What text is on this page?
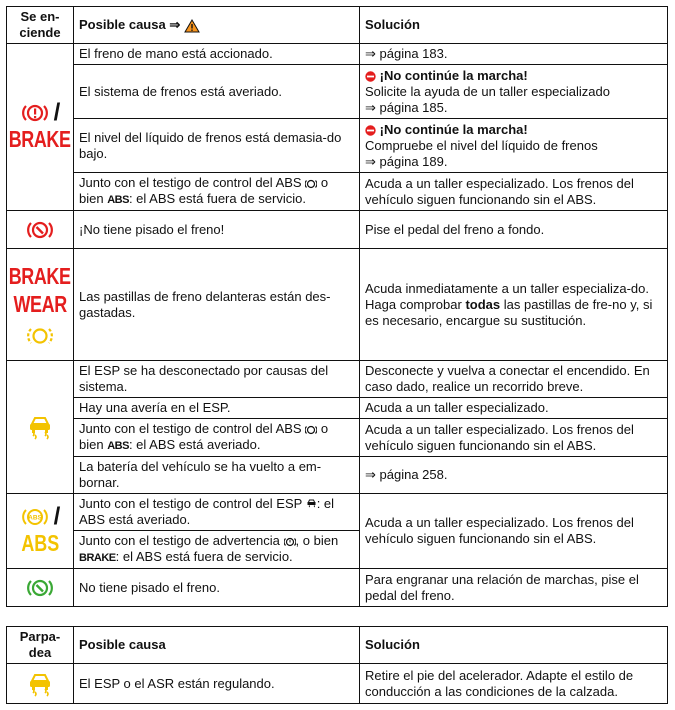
Se en-
ciende	Posible causa ⇒	Solución

/
BRAKE	El freno de mano está accionado.	⇒ página 183.
	El sistema de frenos está averiado.	¡No continúe la marcha!
Solicite la ayuda de un taller especializado
⇒ página 185.
	El nivel del líquido de frenos está demasia-do bajo.	¡No continúe la marcha!
Compruebe el nivel del líquido de frenos
⇒ página 189.
	Junto con el testigo de control del ABS o bien ABS: el ABS está fuera de servicio.	Acuda a un taller especializado. Los frenos del vehículo siguen funcionando sin el ABS.
	¡No tiene pisado el freno!	Pise el pedal del freno a fondo.

BRAKE
WEAR	Las pastillas de freno delanteras están des-gastadas.	Acuda inmediatamente a un taller especializa-do. Haga comprobar todas las pastillas de fre-no y, si es necesario, encargue su sustitución.
	El ESP se ha desconectado por causas del sistema.	Desconecte y vuelva a conectar el encendido. En caso dado, realice un recorrido breve.
	Hay una avería en el ESP.	Acuda a un taller especializado.
	Junto con el testigo de control del ABS o bien ABS: el ABS está averiado.	Acuda a un taller especializado. Los frenos del vehículo siguen funcionando sin el ABS.
	La batería del vehículo se ha vuelto a em-bornar.	⇒ página 258.

ABS /
ABS	Junto con el testigo de control del ESP : el ABS está averiado.	Acuda a un taller especializado. Los frenos del vehículo siguen funcionando sin el ABS.
	Junto con el testigo de advertencia , o bien BRAKE: el ABS está fuera de servicio.	
	No tiene pisado el freno.	Para engranar una relación de marchas, pise el pedal del freno.
Parpa-
dea	Posible causa	Solución
	El ESP o el ASR están regulando.	Retire el pie del acelerador. Adapte el estilo de conducción a las condiciones de la calzada.
